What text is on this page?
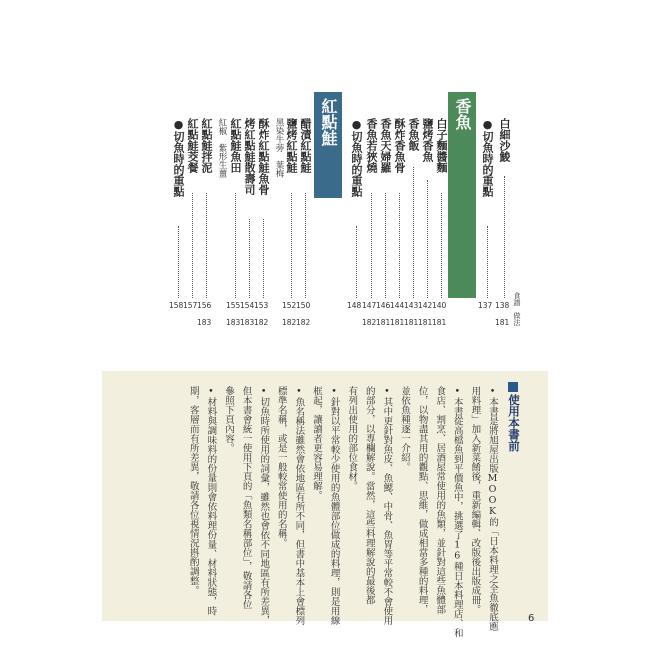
香魚
紅點鮭
食譜
做法
白細沙鮻
138
181
●切魚時的重點
137
白子麵醬麵
140
181
鹽烤香魚
142
181
香魚飯
143
181
酥炸香魚骨
144
181
香魚天婦羅
146
181
香魚若狹燒
147
182
●切魚時的重點
148
醋漬紅點鮭
150
182
鹽烤紅點鮭
152
182
黑染牛蒡　葉梅
酥炸紅點鮭魚骨
153
182
烤紅點鮭散壽司
154
183
紅點鮭魚田
155
183
紅椒　紫形生薑
紅點鮭拌泥
156
183
紅點鮭茭餐
157
●切魚時的重點
158
使用本書前
•本書是將旭屋出版MOOK的「日本料理之全魚徹底應
用料理」加入新菜餚後，重新編輯、改版後出版成冊。
•本書從高檔魚到平價魚中，挑選了16種日本料理店、和
食店、割烹、居酒屋常使用的魚類，並針對這些魚體部
位，以物盡其用的觀點、思維，做成相當多種的料理，
並依魚種逐一介紹。
•其中更針對魚皮、魚鰓、中骨、魚胃等平常較不會使用
的部分，以專欄解說。當然，這些料理解說的最後都
有列出使用的部位食材。
•針對以平常較少使用的魚體部位做成的料理，則是用線
框起，讓讀者更容易理解。
•魚名稱法雖然會依地區有所不同，但書中基本上會標列
標準名稱，或是一般較常使用的名稱。
•切魚時所使用的詞彙，雖然也會依不同地區有所差異，
但本書會統一使用下頁的「魚類名稱部位」，敬請各位
參照下頁內容。
•材料與調味料的份量則會依料理份量、材料狀態，時
期，客層而有所差異，敬請各位視情況斟酌調整。
6
